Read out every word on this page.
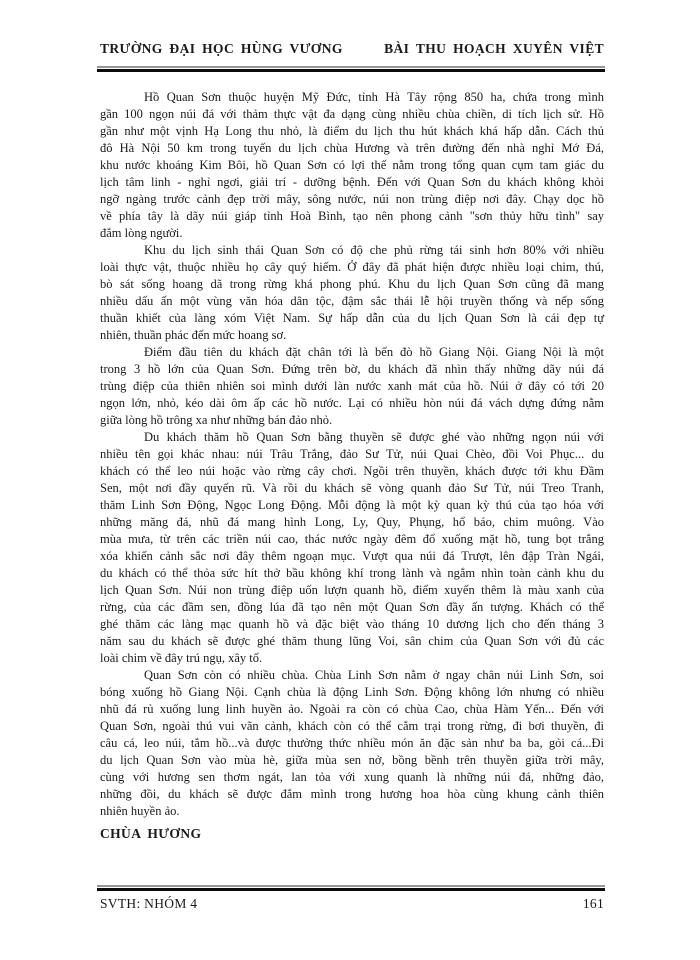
TRƯỜNG ĐẠI HỌC HÙNG VƯƠNG	BÀI THU HOẠCH XUYÊN VIỆT
Hồ Quan Sơn thuộc huyện Mỹ Đức, tỉnh Hà Tây rộng 850 ha, chứa trong mình
gần 100 ngọn núi đá với thảm thực vật đa dạng cùng nhiều chùa chiền, di tích lịch sử. Hồ
gần như một vịnh Hạ Long thu nhỏ, là điểm du lịch thu hút khách khá hấp dẫn. Cách thủ
đô Hà Nội 50 km trong tuyến du lịch chùa Hương và trên đường đến nhà nghỉ Mớ Đá,
khu nước khoáng Kim Bôi, hồ Quan Sơn có lợi thế nằm trong tổng quan cụm tam giác du
lịch tâm linh - nghỉ ngơi, giải trí - dưỡng bệnh. Đến với Quan Sơn du khách không khỏi
ngỡ ngàng trước cảnh đẹp trời mây, sông nước, núi non trùng điệp nơi đây. Chạy dọc hồ
về phía tây là dãy núi giáp tỉnh Hoà Bình, tạo nên phong cảnh "sơn thủy hữu tình" say
đắm lòng người.
Khu du lịch sinh thái Quan Sơn có độ che phủ rừng tái sinh hơn 80% với nhiều
loài thực vật, thuộc nhiều họ cây quý hiếm. Ở đây đã phát hiện được nhiều loại chim, thú,
bò sát sống hoang dã trong rừng khá phong phú. Khu du lịch Quan Sơn cũng đã mang
nhiều dấu ấn một vùng văn hóa dân tộc, đậm sắc thái lễ hội truyền thống và nếp sống
thuần khiết của làng xóm Việt Nam. Sự hấp dẫn của du lịch Quan Sơn là cái đẹp tự
nhiên, thuần phác đến mức hoang sơ.
Điểm đầu tiên du khách đặt chân tới là bến đò hồ Giang Nội. Giang Nội là một
trong 3 hồ lớn của Quan Sơn. Đứng trên bờ, du khách đã nhìn thấy những dãy núi đá
trùng điệp của thiên nhiên soi mình dưới làn nước xanh mát của hồ. Núi ở đây có tới 20
ngọn lớn, nhỏ, kéo dài ôm ấp các hồ nước. Lại có nhiều hòn núi đá vách dựng đứng nằm
giữa lòng hồ trông xa như những bán đảo nhỏ.
Du khách thăm hồ Quan Sơn bằng thuyền sẽ được ghé vào những ngọn núi với
nhiều tên gọi khác nhau: núi Trâu Trắng, đảo Sư Tử, núi Quai Chèo, đồi Voi Phục... du
khách có thể leo núi hoặc vào rừng cây chơi. Ngồi trên thuyền, khách được tới khu Đầm
Sen, một nơi đầy quyến rũ. Và rồi du khách sẽ vòng quanh đảo Sư Tử, núi Treo Tranh,
thăm Linh Sơn Động, Ngọc Long Động. Mỗi động là một kỳ quan kỳ thú của tạo hóa với
những măng đá, nhũ đá mang hình Long, Ly, Quy, Phụng, hổ báo, chim muông. Vào
mùa mưa, từ trên các triền núi cao, thác nước ngày đêm đổ xuống mặt hồ, tung bọt trắng
xóa khiến cảnh sắc nơi đây thêm ngoạn mục. Vượt qua núi đá Trượt, lên đập Tràn Ngái,
du khách có thể thỏa sức hít thở bầu không khí trong lành và ngắm nhìn toàn cảnh khu du
lịch Quan Sơn. Núi non trùng điệp uốn lượn quanh hồ, điểm xuyến thêm là màu xanh của
rừng, của các đầm sen, đồng lúa đã tạo nên một Quan Sơn đầy ấn tượng. Khách có thể
ghé thăm các làng mạc quanh hồ và đặc biệt vào tháng 10 dương lịch cho đến tháng 3
năm sau du khách sẽ được ghé thăm thung lũng Voi, sân chim của Quan Sơn với đủ các
loài chim về đây trú ngụ, xây tổ.
Quan Sơn còn có nhiều chùa. Chùa Linh Sơn nằm ở ngay chân núi Linh Sơn, soi
bóng xuống hồ Giang Nội. Cạnh chùa là động Linh Sơn. Động không lớn nhưng có nhiều
nhũ đá rủ xuống lung linh huyền ảo. Ngoài ra còn có chùa Cao, chùa Hàm Yến... Đến với
Quan Sơn, ngoài thú vui vãn cảnh, khách còn có thể cắm trại trong rừng, đi bơi thuyền, đi
câu cá, leo núi, tắm hồ...và được thưởng thức nhiều món ăn đặc sản như ba ba, gỏi cá...Đi
du lịch Quan Sơn vào mùa hè, giữa mùa sen nở, bồng bềnh trên thuyền giữa trời mây,
cùng với hương sen thơm ngát, lan tỏa với xung quanh là những núi đá, những đảo,
những đồi, du khách sẽ được đắm mình trong hương hoa hòa cùng khung cảnh thiên
nhiên huyền ảo.
CHÙA HƯƠNG
SVTH: NHÓM 4	161
